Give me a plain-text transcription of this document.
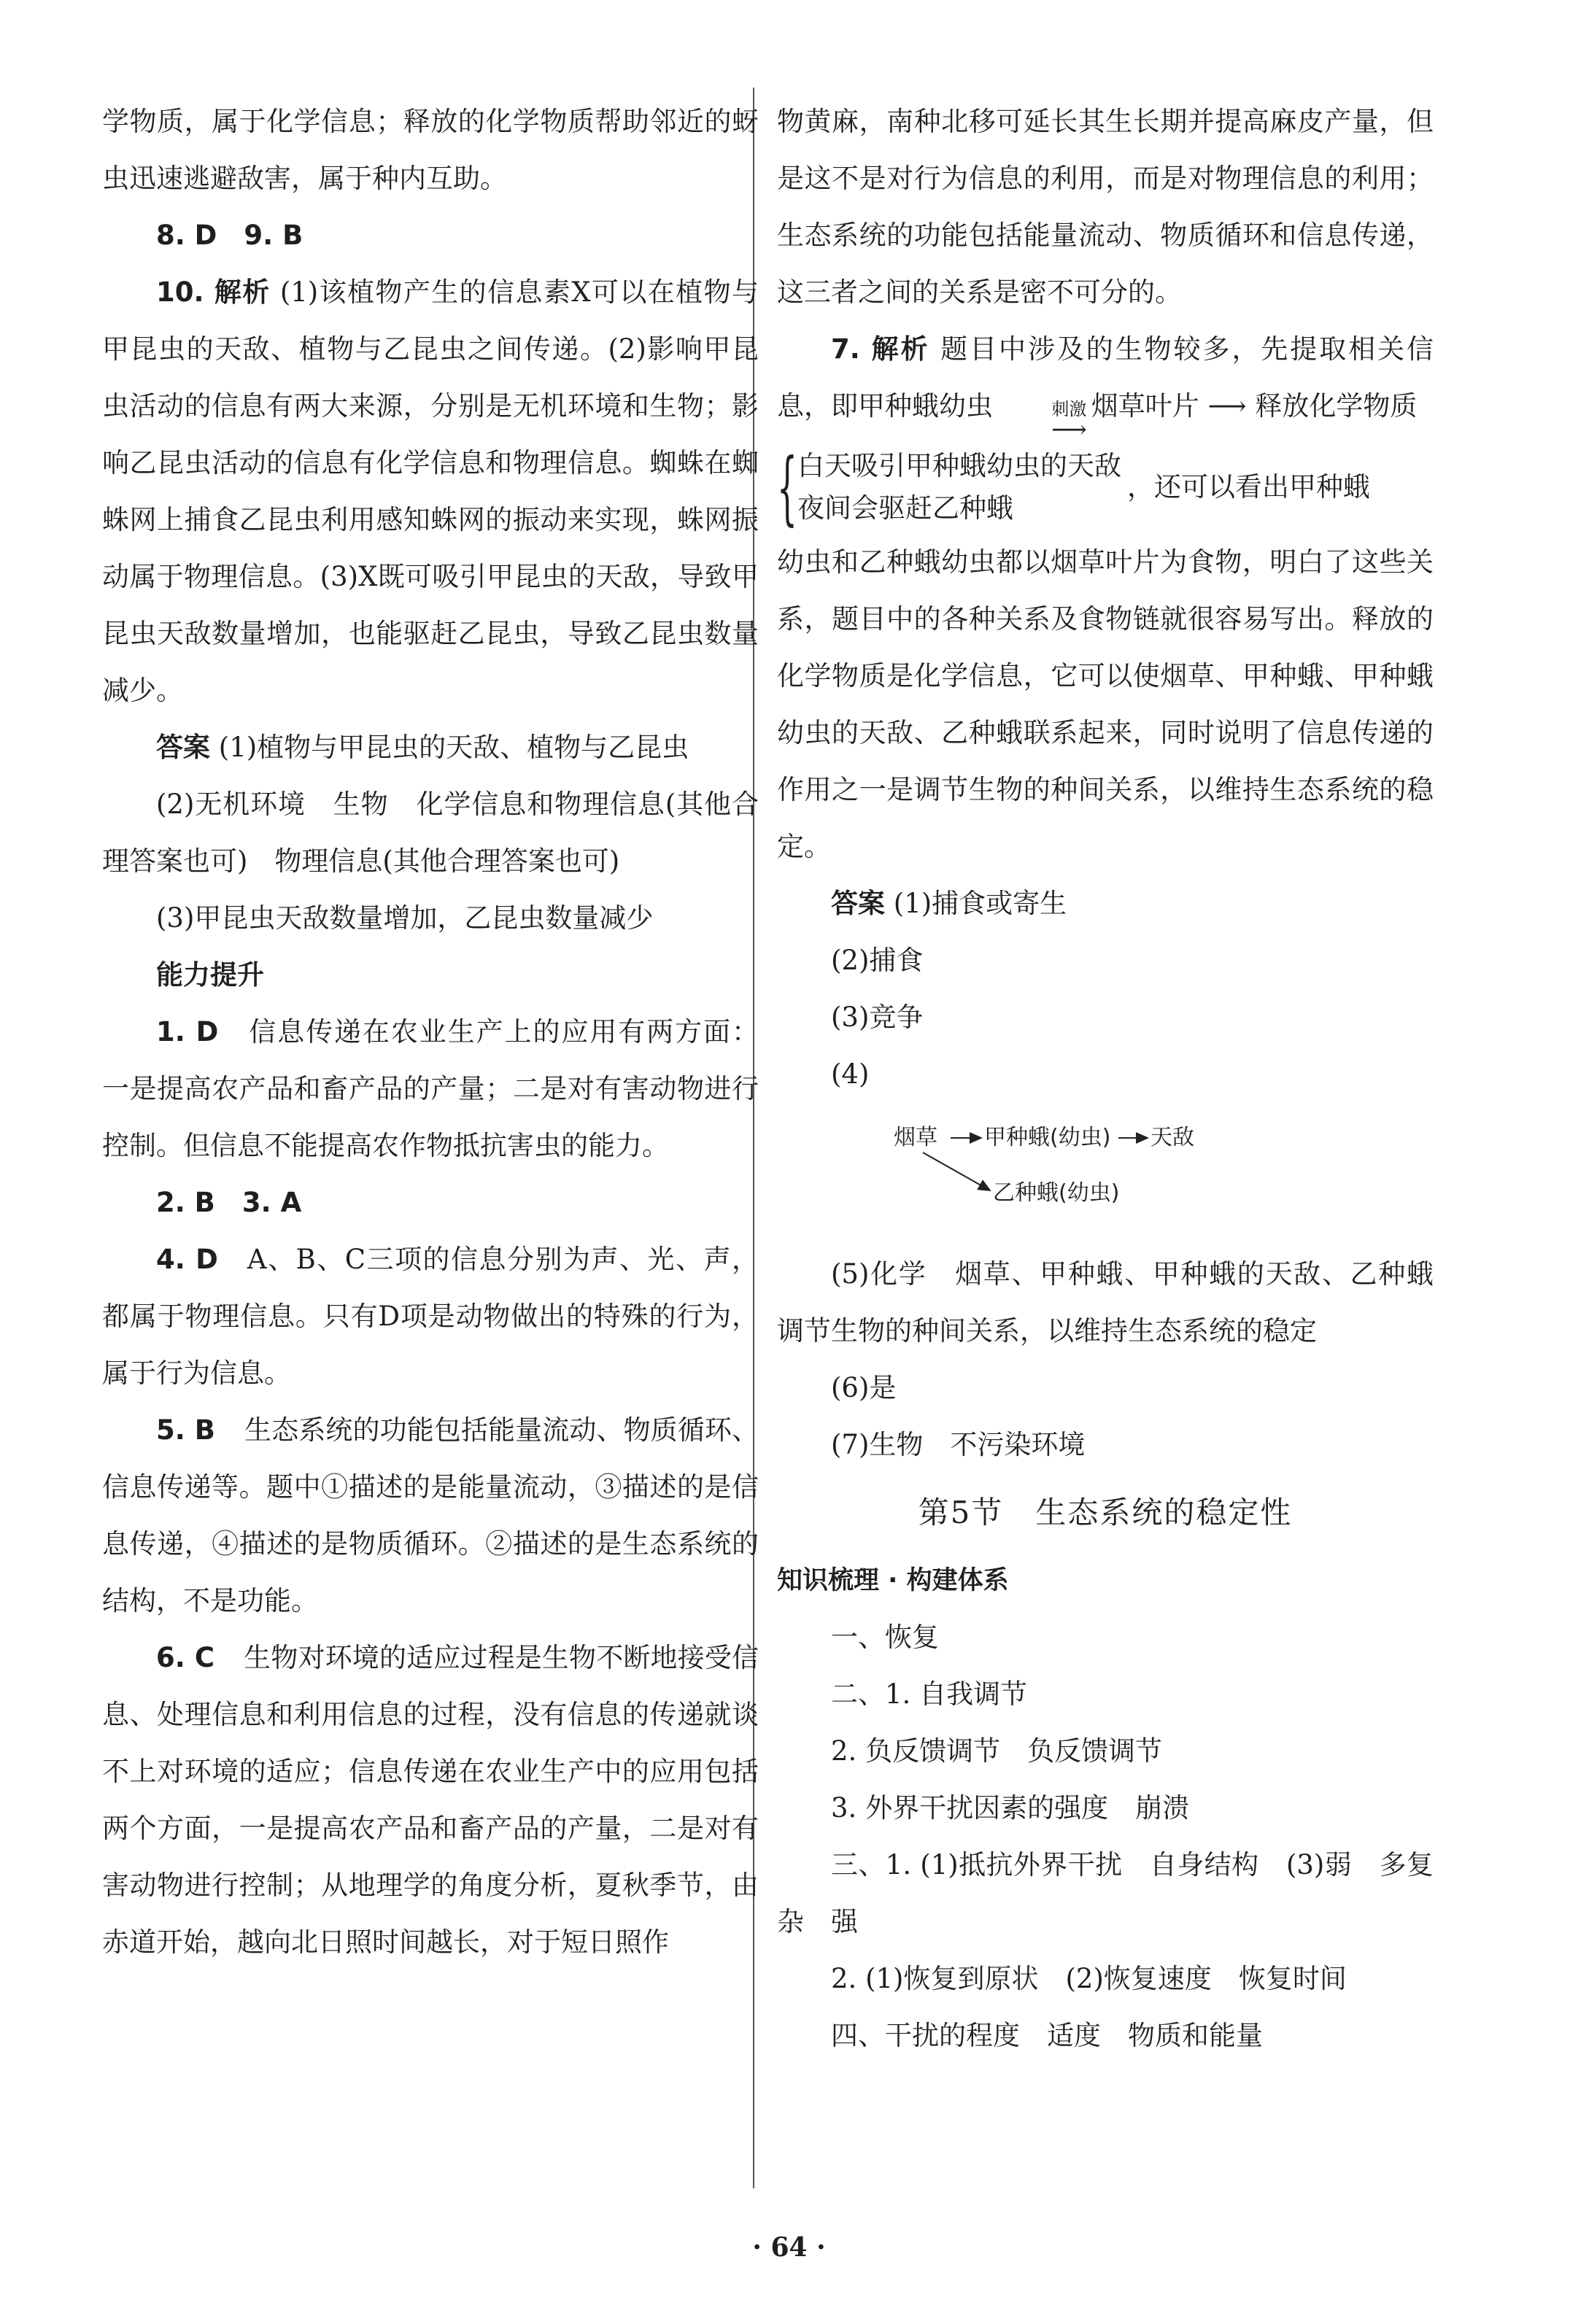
学物质，属于化学信息；释放的化学物质帮助邻近的蚜虫迅速逃避敌害，属于种内互助。

8. D　9. B

10. 解析 (1)该植物产生的信息素X可以在植物与甲昆虫的天敌、植物与乙昆虫之间传递。(2)影响甲昆虫活动的信息有两大来源，分别是无机环境和生物；影响乙昆虫活动的信息有化学信息和物理信息。蜘蛛在蜘蛛网上捕食乙昆虫利用感知蛛网的振动来实现，蛛网振动属于物理信息。(3)X既可吸引甲昆虫的天敌，导致甲昆虫天敌数量增加，也能驱赶乙昆虫，导致乙昆虫数量减少。

答案 (1)植物与甲昆虫的天敌、植物与乙昆虫

(2)无机环境　生物　化学信息和物理信息(其他合理答案也可)　物理信息(其他合理答案也可)

(3)甲昆虫天敌数量增加，乙昆虫数量减少

能力提升

1. D 信息传递在农业生产上的应用有两方面：一是提高农产品和畜产品的产量；二是对有害动物进行控制。但信息不能提高农作物抵抗害虫的能力。

2. B　3. A

4. D A、B、C三项的信息分别为声、光、声，都属于物理信息。只有D项是动物做出的特殊的行为，属于行为信息。

5. B 生态系统的功能包括能量流动、物质循环、信息传递等。题中①描述的是能量流动，③描述的是信息传递，④描述的是物质循环。②描述的是生态系统的结构，不是功能。

6. C 生物对环境的适应过程是生物不断地接受信息、处理信息和利用信息的过程，没有信息的传递就谈不上对环境的适应；信息传递在农业生产中的应用包括两个方面，一是提高农产品和畜产品的产量，二是对有害动物进行控制；从地理学的角度分析，夏秋季节，由赤道开始，越向北日照时间越长，对于短日照作

物黄麻，南种北移可延长其生长期并提高麻皮产量，但是这不是对行为信息的利用，而是对物理信息的利用；生态系统的功能包括能量流动、物质循环和信息传递，这三者之间的关系是密不可分的。

7. 解析 题目中涉及的生物较多，先提取相关信息，即甲种蛾幼虫	刺激
⟶
烟草叶片 ⟶ 释放化学物质

{ 白天吸引甲种蛾幼虫的天敌
夜间会驱赶乙种蛾
，还可以看出甲种蛾

幼虫和乙种蛾幼虫都以烟草叶片为食物，明白了这些关系，题目中的各种关系及食物链就很容易写出。释放的化学物质是化学信息，它可以使烟草、甲种蛾、甲种蛾幼虫的天敌、乙种蛾联系起来，同时说明了信息传递的作用之一是调节生物的种间关系，以维持生态系统的稳定。

答案 (1)捕食或寄生

(2)捕食

(3)竞争

(4)

烟草 甲种蛾(幼虫) 天敌
乙种蛾(幼虫)

(5)化学　烟草、甲种蛾、甲种蛾的天敌、乙种蛾　调节生物的种间关系，以维持生态系统的稳定

(6)是

(7)生物　不污染环境

第5节　生态系统的稳定性

知识梳理 · 构建体系

一、恢复

二、1. 自我调节

2. 负反馈调节　负反馈调节

3. 外界干扰因素的强度　崩溃

三、1. (1)抵抗外界干扰　自身结构　(3)弱　多复杂　强

2. (1)恢复到原状　(2)恢复速度　恢复时间

四、干扰的程度　适度　物质和能量

· 64 ·
